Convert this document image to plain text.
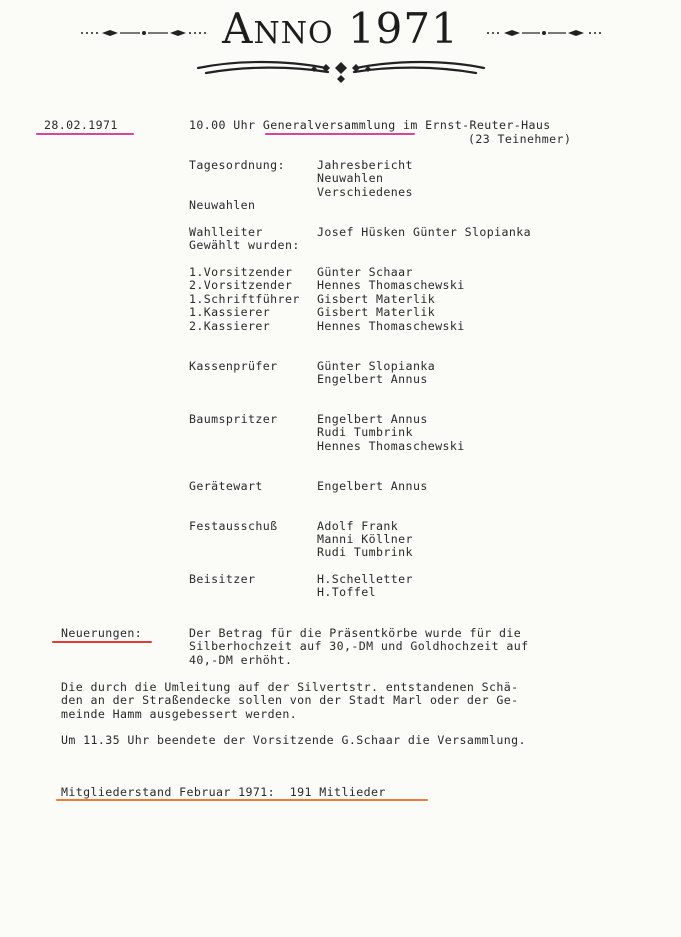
ANNO 1971
28.02.1971	10.00 Uhr Generalversammlung im Ernst-Reuter-Haus
(23 Teinehmer)
Tagesordnung:	Jahresbericht
Neuwahlen
Verschiedenes
Neuwahlen
Wahlleiter	Josef Hüsken Günter Slopianka
Gewählt wurden:
1.Vorsitzender Günter Schaar
2.Vorsitzender Hennes Thomaschewski
1.Schriftführer Gisbert Materlik
1.Kassierer	Gisbert Materlik
2.Kassierer	Hennes Thomaschewski
Kassenprüfer	Günter Slopianka
Engelbert Annus
Baumspritzer	Engelbert Annus
Rudi Tumbrink
Hennes Thomaschewski
Gerätewart	Engelbert Annus
Festausschuß	Adolf Frank
Manni Köllner
Rudi Tumbrink
Beisitzer	H.Schelletter
H.Toffel
Neuerungen:	Der Betrag für die Präsentkörbe wurde für die
Silberhochzeit auf 30,-DM und Goldhochzeit auf
40,-DM erhöht.
Die durch die Umleitung auf der Silvertstr. entstandenen Schä-
den an der Straßendecke sollen von der Stadt Marl oder der Ge-
meinde Hamm ausgebessert werden.
Um 11.35 Uhr beendete der Vorsitzende G.Schaar die Versammlung.
Mitgliederstand Februar 1971:  191 Mitlieder
